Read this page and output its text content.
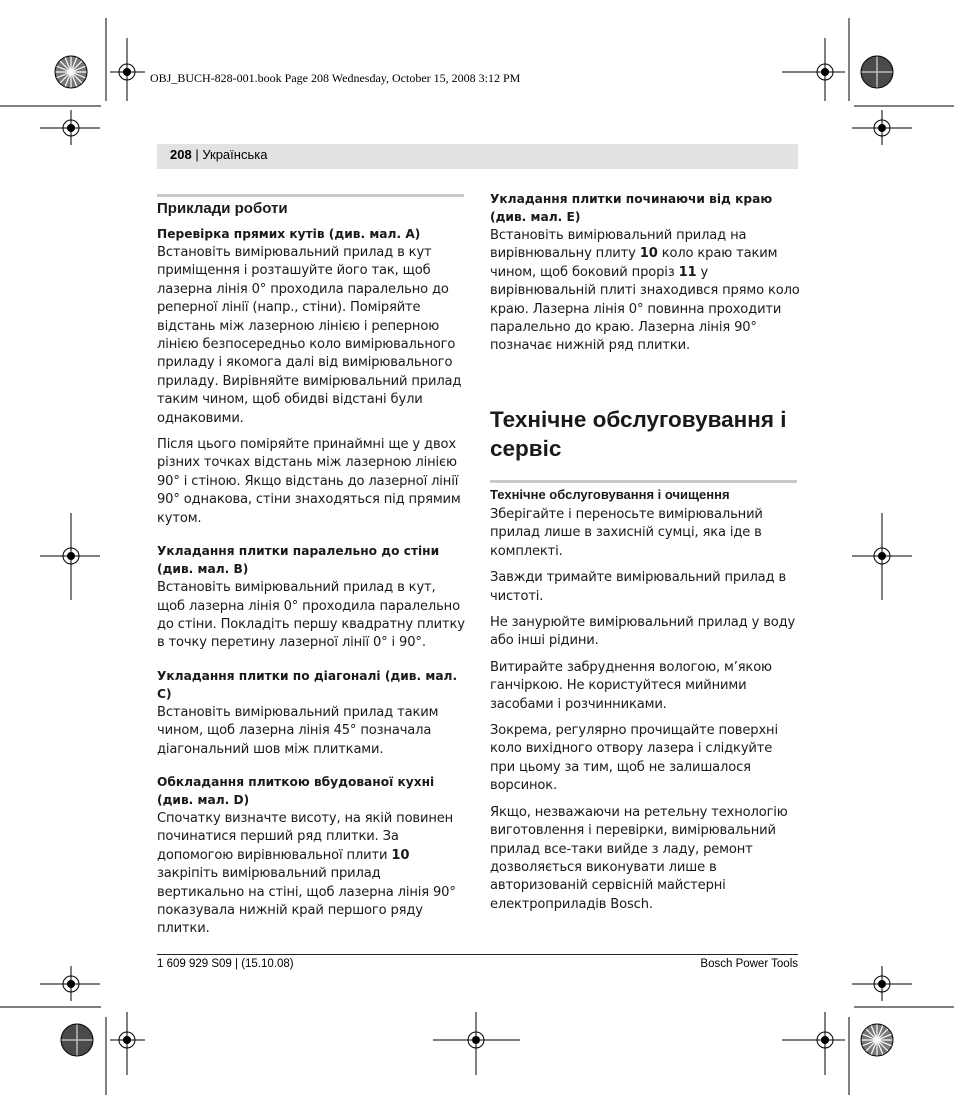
OBJ_BUCH-828-001.book Page 208 Wednesday, October 15, 2008 3:12 PM
208 | Українська
Приклади роботи
Перевірка прямих кутів (див. мал. A)

Встановіть вимірювальний прилад в кут приміщення і розташуйте його так, щоб лазерна лінія 0° проходила паралельно до реперної лінії (напр., стіни). Поміряйте відстань між лазерною лінією і реперною лінією безпосередньо коло вимірювального приладу і якомога далі від вимірювального приладу. Вирівняйте вимірювальний прилад таким чином, щоб обидві відстані були однаковими.

Після цього поміряйте принаймні ще у двох різних точках відстань між лазерною лінією 90° і стіною. Якщо відстань до лазерної лінії 90° однакова, стіни знаходяться під прямим кутом.

Укладання плитки паралельно до стіни (див. мал. B)

Встановіть вимірювальний прилад в кут, щоб лазерна лінія 0° проходила паралельно до стіни. Покладіть першу квадратну плитку в точку перетину лазерної лінії 0° і 90°.

Укладання плитки по діагоналі (див. мал. C)

Встановіть вимірювальний прилад таким чином, щоб лазерна лінія 45° позначала діагональний шов між плитками.

Обкладання плиткою вбудованої кухні (див. мал. D)

Спочатку визначте висоту, на якій повинен починатися перший ряд плитки. За допомогою вирівнювальної плити 10 закріпіть вимірювальний прилад вертикально на стіні, щоб лазерна лінія 90° показувала нижній край першого ряду плитки.

Укладання плитки починаючи від краю (див. мал. E)

Встановіть вимірювальний прилад на вирівнювальну плиту 10 коло краю таким чином, щоб боковий проріз 11 у вирівнювальній плиті знаходився прямо коло краю. Лазерна лінія 0° повинна проходити паралельно до краю. Лазерна лінія 90° позначає нижній ряд плитки.

Технічне обслуговування і сервіс
Технічне обслуговування і очищення

Зберігайте і переносьте вимірювальний прилад лише в захисній сумці, яка іде в комплекті.

Завжди тримайте вимірювальний прилад в чистоті.

Не занурюйте вимірювальний прилад у воду або інші рідини.

Витирайте забруднення вологою, м’якою ганчіркою. Не користуйтеся мийними засобами і розчинниками.

Зокрема, регулярно прочищайте поверхні коло вихідного отвору лазера і слідкуйте при цьому за тим, щоб не залишалося ворсинок.

Якщо, незважаючи на ретельну технологію виготовлення і перевірки, вимірювальний прилад все-таки вийде з ладу, ремонт дозволяється виконувати лише в авторизованій сервісній майстерні електроприладів Bosch.

1 609 929 S09 | (15.10.08)	Bosch Power Tools
